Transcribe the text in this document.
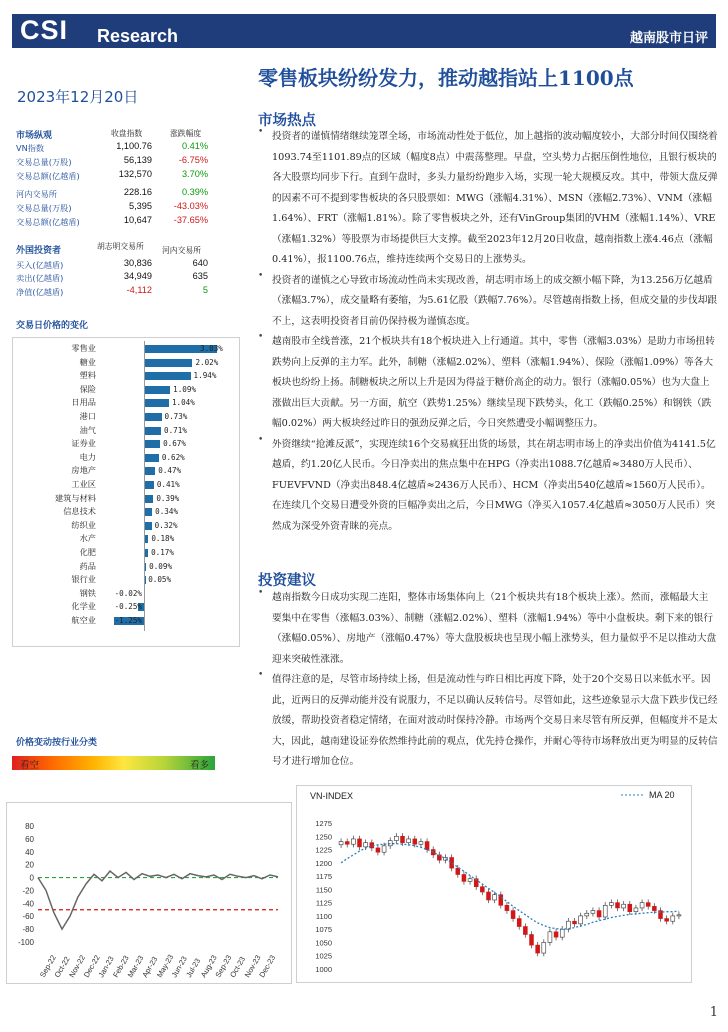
CSI Research	越南股市日评
零售板块纷纷发力，推动越指站上1100点
2023年12月20日
市场纵观	收盘指数	涨跌幅度
VN指数	1,100.76	0.41%
交易总量(万股)	56,139	-6.75%
交易总额(亿越盾)	132,570	3.70%
河内交易所	228.16	0.39%
交易总量(万股)	5,395	-43.03%
交易总额(亿越盾)	10,647	-37.65%
外国投资者	胡志明交易所 河内交易所
买入(亿越盾)	30,836	640
卖出(亿越盾)	34,949	635
净值(亿越盾)	-4,112	5
交易日价格的变化
零售业	3.03%
糖业	2.02%
塑料	1.94%
保险	1.09%
日用品	1.04%
港口	0.73%
油气	0.71%
证券业	0.67%
电力	0.62%
房地产	0.47%
工业区	0.41%
建筑与材料	0.39%
信息技术	0.34%
纺织业	0.32%
水产	0.18%
化肥	0.17%
药品	0.09%
银行业	0.05%
钢铁 -0.02%
化学业 -0.25%
航空业 -1.25%
价格变动按行业分类
看空	看多
80
60
40
20
0
-20
-40
-60
-80
-100
Sep-22
Oct-22
Nov-22
Dec-22
Jan-23
Feb-23
Mar-23
Apr-23
May-23
Jun-23
Jul-23
Aug-23
Sep-23
Oct-23
Nov-23
Dec-23
VN-INDEX	MA 20
1275
1250
1225
1200
1175
1150
1125
1100
1075
1050
1025
1000
市场热点
• 投资者的谨慎情绪继续笼罩全场，市场流动性处于低位，加上越指的波动幅度较小，大部分时间仅围绕着1093.74至1101.89点的区域（幅度8点）中震荡整理。早盘，空头势力占据压倒性地位，且银行板块的各大股票均同步下行。直到午盘时，多头力量纷纷跑步入场，实现一轮大规模反攻。其中，带领大盘反弹的因素不可不提到零售板块的各只股票如：MWG（涨幅4.31%）、MSN（涨幅2.73%）、VNM（涨幅1.64%）、FRT（涨幅1.81%）。除了零售板块之外，还有VinGroup集团的VHM（涨幅1.14%）、VRE（涨幅1.32%）等股票为市场提供巨大支撑。截至2023年12月20日收盘，越南指数上涨4.46点（涨幅0.41%），报1100.76点，维持连续两个交易日的上涨势头。
• 投资者的谨慎之心导致市场流动性尚未实现改善，胡志明市场上的成交额小幅下降，为13.256万亿越盾（涨幅3.7%），成交量略有萎缩，为5.61亿股（跌幅7.76%）。尽管越南指数上扬，但成交量的步伐却跟不上，这表明投资者目前仍保持极为谨慎态度。
• 越南股市全线普涨，21个板块共有18个板块进入上行通道。其中，零售（涨幅3.03%）是助力市场扭转跌势向上反弹的主力军。此外，制糖（涨幅2.02%）、塑料（涨幅1.94%）、保险（涨幅1.09%）等各大板块也纷纷上扬。制糖板块之所以上升是因为得益于糖价高企的动力。银行（涨幅0.05%）也为大盘上涨做出巨大贡献。另一方面，航空（跌势1.25%）继续呈现下跌势头，化工（跌幅0.25%）和钢铁（跌幅0.02%）两大板块经过昨日的强劲反弹之后，今日突然遭受小幅调整压力。
• 外资继续“抢滩反派”，实现连续16个交易疯狂出货的场景，其在胡志明市场上的净卖出价值为4141.5亿越盾，约1.20亿人民币。今日净卖出的焦点集中在HPG（净卖出1088.7亿越盾≈3480万人民币）、FUEVFVND（净卖出848.4亿越盾≈2436万人民币）、HCM（净卖出540亿越盾≈1560万人民币）。在连续几个交易日遭受外资的巨幅净卖出之后，今日MWG（净买入1057.4亿越盾≈3050万人民币）突然成为深受外资青睐的亮点。
投资建议
• 越南指数今日成功实现二连阳，整体市场集体向上（21个板块共有18个板块上涨）。然而，涨幅最大主要集中在零售（涨幅3.03%）、制糖（涨幅2.02%）、塑料（涨幅1.94%）等中小盘板块。剩下来的银行（涨幅0.05%）、房地产（涨幅0.47%）等大盘股板块也呈现小幅上涨势头，但力量似乎不足以推动大盘迎来突破性涨涨。
• 值得注意的是，尽管市场持续上扬，但是流动性与昨日相比再度下降，处于20个交易日以来低水平。因此，近两日的反弹动能并没有说服力，不足以确认反转信号。尽管如此，这些迹象显示大盘下跌步伐已经放缓，帮助投资者稳定情绪，在面对波动时保持冷静。市场两个交易日来尽管有所反弹，但幅度并不是太大，因此，越南建设证券依然维持此前的观点，优先持仓操作，并耐心等待市场释放出更为明显的反转信号才进行增加仓位。
1
